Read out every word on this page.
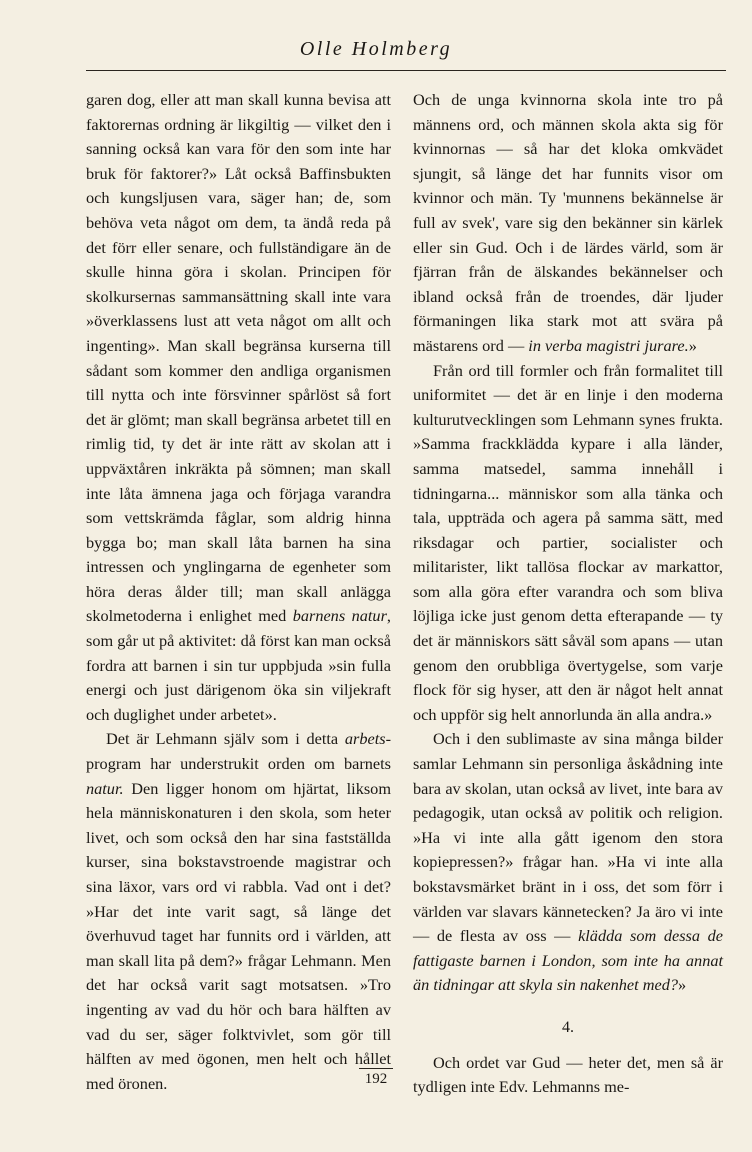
Olle Holmberg

garen dog, eller att man skall kunna bevisa att faktorernas ordning är likgiltig — vilket den i sanning också kan vara för den som inte har bruk för faktorer?» Låt också Baffinsbukten och kungsljusen vara, säger han; de, som behöva veta något om dem, ta ändå reda på det förr eller senare, och fullständigare än de skulle hinna göra i skolan. Principen för skolkursernas sammansättning skall inte vara »överklassens lust att veta något om allt och ingenting». Man skall begränsa kurserna till sådant som kommer den andliga organismen till nytta och inte försvinner spårlöst så fort det är glömt; man skall begränsa arbetet till en rimlig tid, ty det är inte rätt av skolan att i uppväxtåren inkräkta på sömnen; man skall inte låta ämnena jaga och förjaga varandra som vettskrämda fåglar, som aldrig hinna bygga bo; man skall låta barnen ha sina intressen och ynglingarna de egenheter som höra deras ålder till; man skall anlägga skolmetoderna i enlighet med barnens natur, som går ut på aktivitet: då först kan man också fordra att barnen i sin tur uppbjuda »sin fulla energi och just därigenom öka sin viljekraft och duglighet under arbetet».

Det är Lehmann själv som i detta arbets-program har understrukit orden om barnets natur. Den ligger honom om hjärtat, liksom hela människonaturen i den skola, som heter livet, och som också den har sina fastställda kurser, sina bokstavstroende magistrar och sina läxor, vars ord vi rabbla. Vad ont i det? »Har det inte varit sagt, så länge det överhuvud taget har funnits ord i världen, att man skall lita på dem?» frågar Lehmann. Men det har också varit sagt motsatsen. »Tro ingenting av vad du hör och bara hälften av vad du ser, säger folktvivlet, som gör till hälften av med ögonen, men helt och hållet med öronen.

Och de unga kvinnorna skola inte tro på männens ord, och männen skola akta sig för kvinnornas — så har det kloka omkvädet sjungit, så länge det har funnits visor om kvinnor och män. Ty 'munnens bekännelse är full av svek', vare sig den bekänner sin kärlek eller sin Gud. Och i de lärdes värld, som är fjärran från de älskandes bekännelser och ibland också från de troendes, där ljuder förmaningen lika stark mot att svära på mästarens ord — in verba magistri jurare.»

Från ord till formler och från formalitet till uniformitet — det är en linje i den moderna kulturutvecklingen som Lehmann synes frukta. »Samma frackklädda kypare i alla länder, samma matsedel, samma innehåll i tidningarna... människor som alla tänka och tala, uppträda och agera på samma sätt, med riksdagar och partier, socialister och militarister, likt tallösa flockar av markattor, som alla göra efter varandra och som bliva löjliga icke just genom detta efterapande — ty det är människors sätt såväl som apans — utan genom den orubbliga övertygelse, som varje flock för sig hyser, att den är något helt annat och uppför sig helt annorlunda än alla andra.»

Och i den sublimaste av sina många bilder samlar Lehmann sin personliga åskådning inte bara av skolan, utan också av livet, inte bara av pedagogik, utan också av politik och religion. »Ha vi inte alla gått igenom den stora kopiepressen?» frågar han. »Ha vi inte alla bokstavsmärket bränt in i oss, det som förr i världen var slavars kännetecken? Ja äro vi inte — de flesta av oss — klädda som dessa de fattigaste barnen i London, som inte ha annat än tidningar att skyla sin nakenhet med?»

4.

Och ordet var Gud — heter det, men så är tydligen inte Edv. Lehmanns me-

192
